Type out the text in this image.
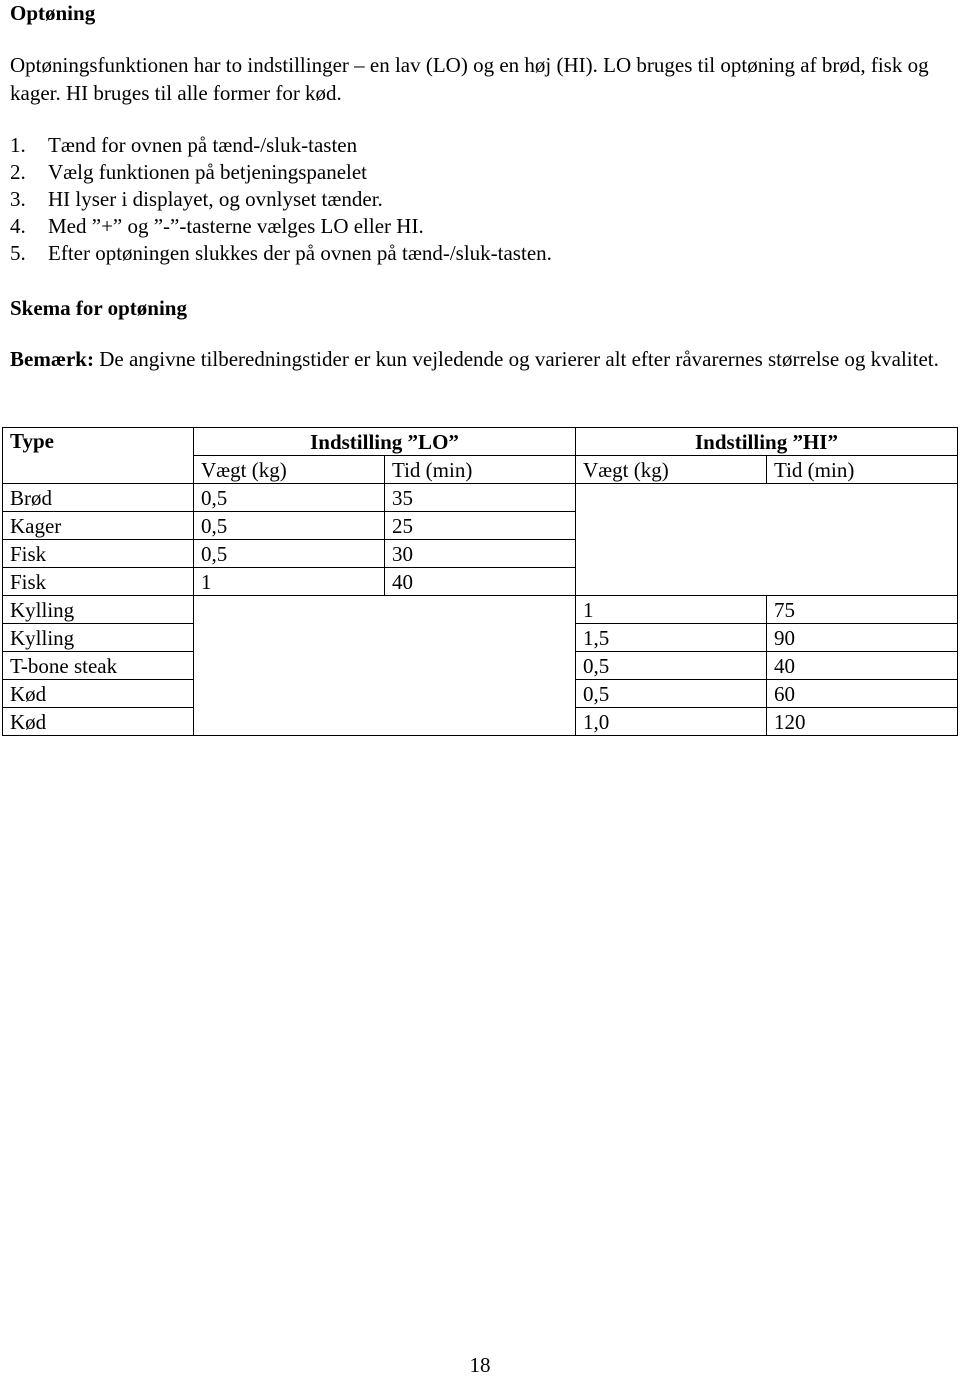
Optøning

Optøningsfunktionen har to indstillinger – en lav (LO) og en høj (HI). LO bruges til optøning af brød, fisk og kager. HI bruges til alle former for kød.

1.	Tænd for ovnen på tænd-/sluk-tasten
2.	Vælg funktionen på betjeningspanelet
3.	HI lyser i displayet, og ovnlyset tænder.
4.	Med ”+” og ”-”-tasterne vælges LO eller HI.
5.	Efter optøningen slukkes der på ovnen på tænd-/sluk-tasten.
Skema for optøning

Bemærk: De angivne tilberedningstider er kun vejledende og varierer alt efter råvarernes størrelse og kvalitet.

Type	Indstilling ”LO”		Indstilling ”HI”	
	Vægt (kg)	Tid (min)	Vægt (kg)	Tid (min)
Brød	0,5	35		
Kager	0,5	25		
Fisk	0,5	30		
Fisk	1	40		
Kylling			1	75
Kylling			1,5	90
T-bone steak			0,5	40
Kød			0,5	60
Kød			1,0	120
18
